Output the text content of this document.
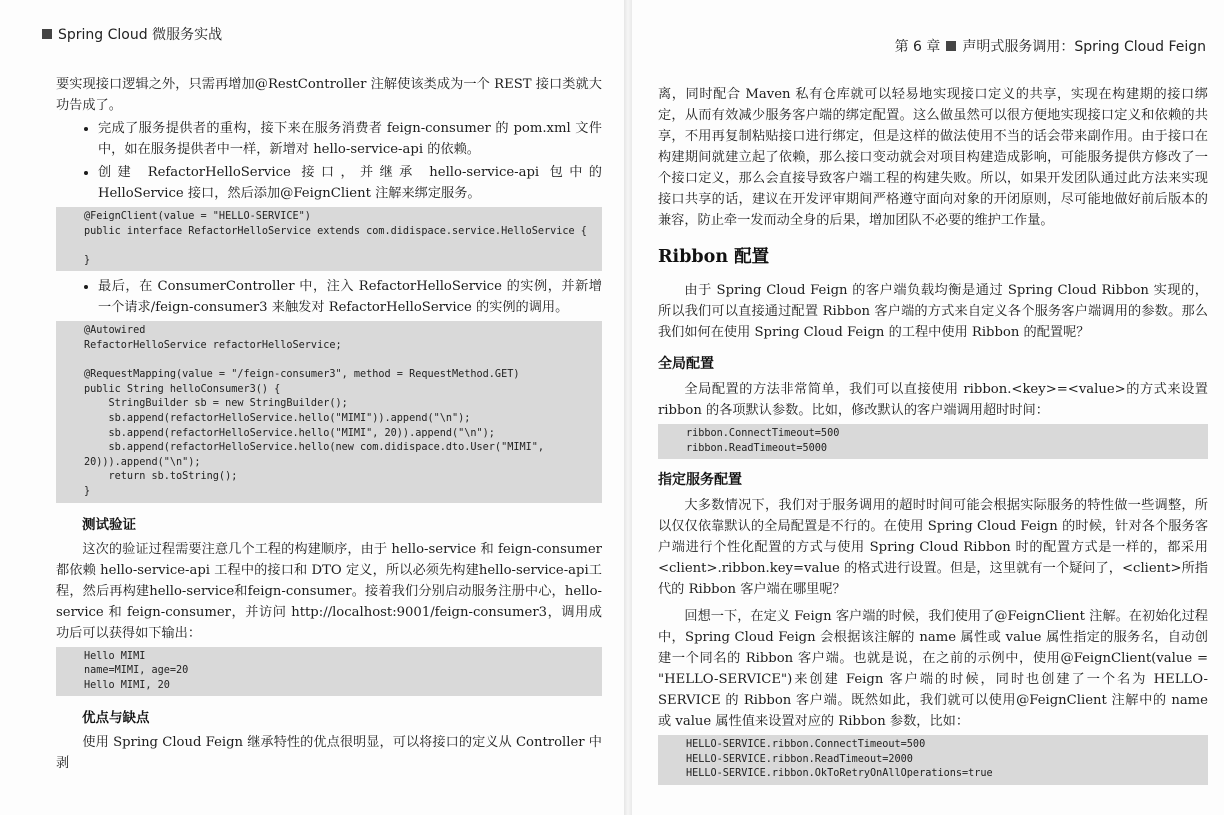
Spring Cloud 微服务实战

要实现接口逻辑之外，只需再增加@RestController 注解使该类成为一个 REST 接口类就大功告成了。

• 完成了服务提供者的重构，接下来在服务消费者 feign-consumer 的 pom.xml 文件中，如在服务提供者中一样，新增对 hello-service-api 的依赖。
• 创建 RefactorHelloService 接口，并继承 hello-service-api 包中的 HelloService 接口，然后添加@FeignClient 注解来绑定服务。
@FeignClient(value = "HELLO-SERVICE")
public interface RefactorHelloService extends com.didispace.service.HelloService {

}
• 最后，在 ConsumerController 中，注入 RefactorHelloService 的实例，并新增一个请求/feign-consumer3 来触发对 RefactorHelloService 的实例的调用。
@Autowired
RefactorHelloService refactorHelloService;

@RequestMapping(value = "/feign-consumer3", method = RequestMethod.GET)
public String helloConsumer3() {
StringBuilder sb = new StringBuilder();
sb.append(refactorHelloService.hello("MIMI")).append("\n");
sb.append(refactorHelloService.hello("MIMI", 20)).append("\n");
sb.append(refactorHelloService.hello(new com.didispace.dto.User("MIMI",
20))).append("\n");
return sb.toString();
}
测试验证

这次的验证过程需要注意几个工程的构建顺序，由于 hello-service 和 feign-consumer 都依赖 hello-service-api 工程中的接口和 DTO 定义，所以必须先构建hello-service-api工程，然后再构建hello-service和feign-consumer。接着我们分别启动服务注册中心，hello-service 和 feign-consumer，并访问 http://localhost:9001/feign-consumer3，调用成功后可以获得如下输出：

Hello MIMI
name=MIMI, age=20
Hello MIMI, 20
优点与缺点

使用 Spring Cloud Feign 继承特性的优点很明显，可以将接口的定义从 Controller 中剥

第 6 章 声明式服务调用：Spring Cloud Feign

离，同时配合 Maven 私有仓库就可以轻易地实现接口定义的共享，实现在构建期的接口绑定，从而有效减少服务客户端的绑定配置。这么做虽然可以很方便地实现接口定义和依赖的共享，不用再复制粘贴接口进行绑定，但是这样的做法使用不当的话会带来副作用。由于接口在构建期间就建立起了依赖，那么接口变动就会对项目构建造成影响，可能服务提供方修改了一个接口定义，那么会直接导致客户端工程的构建失败。所以，如果开发团队通过此方法来实现接口共享的话，建议在开发评审期间严格遵守面向对象的开闭原则，尽可能地做好前后版本的兼容，防止牵一发而动全身的后果，增加团队不必要的维护工作量。

Ribbon 配置

由于 Spring Cloud Feign 的客户端负载均衡是通过 Spring Cloud Ribbon 实现的，所以我们可以直接通过配置 Ribbon 客户端的方式来自定义各个服务客户端调用的参数。那么我们如何在使用 Spring Cloud Feign 的工程中使用 Ribbon 的配置呢？

全局配置

全局配置的方法非常简单，我们可以直接使用 ribbon.<key>=<value>的方式来设置 ribbon 的各项默认参数。比如，修改默认的客户端调用超时时间：

ribbon.ConnectTimeout=500
ribbon.ReadTimeout=5000
指定服务配置

大多数情况下，我们对于服务调用的超时时间可能会根据实际服务的特性做一些调整，所以仅仅依靠默认的全局配置是不行的。在使用 Spring Cloud Feign 的时候，针对各个服务客户端进行个性化配置的方式与使用 Spring Cloud Ribbon 时的配置方式是一样的，都采用<client>.ribbon.key=value 的格式进行设置。但是，这里就有一个疑问了，<client>所指代的 Ribbon 客户端在哪里呢？

回想一下，在定义 Feign 客户端的时候，我们使用了@FeignClient 注解。在初始化过程中，Spring Cloud Feign 会根据该注解的 name 属性或 value 属性指定的服务名，自动创建一个同名的 Ribbon 客户端。也就是说，在之前的示例中，使用@FeignClient(value = "HELLO-SERVICE")来创建 Feign 客户端的时候，同时也创建了一个名为 HELLO-SERVICE 的 Ribbon 客户端。既然如此，我们就可以使用@FeignClient 注解中的 name 或 value 属性值来设置对应的 Ribbon 参数，比如：

HELLO-SERVICE.ribbon.ConnectTimeout=500
HELLO-SERVICE.ribbon.ReadTimeout=2000
HELLO-SERVICE.ribbon.OkToRetryOnAllOperations=true
